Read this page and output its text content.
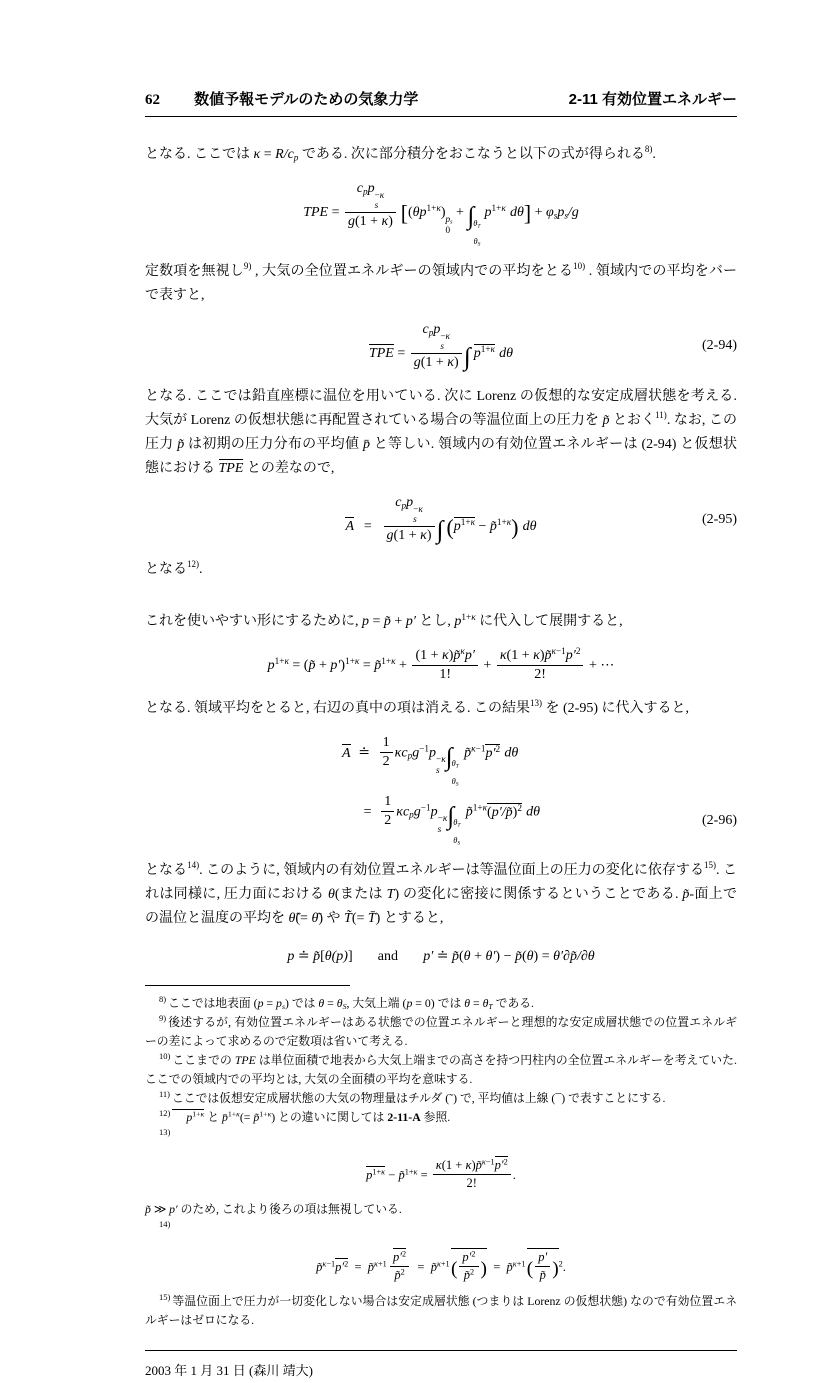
62 数値予報モデルのための気象力学	2-11 有効位置エネルギー

となる. ここでは κ = R/cp である. 次に部分積分をおこなうと以下の式が得られる$^{8)}$.

TPE =
cpp −κ
s
g(1 + κ) [$(\theta p^{1+\kappa})$ ps
0
+ ∫ θT
θS
$p^{1+\kappa}$ dθ] + φsps/g

定数項を無視し$^{9)}$ , 大気の全位置エネルギーの領域内での平均をとる$^{10)}$ . 領域内での平均をバーで表すと,

TPE =
cpp −κ
s
g(1 + κ) ∫ $p^{1+\kappa}$ dθ
(2-94)

となる. ここでは鉛直座標に温位を用いている. 次に Lorenz の仮想的な安定成層状態を考える. 大気が Lorenz の仮想状態に再配置されている場合の等温位面上の圧力を p̃ とおく$^{11)}$. なお, この圧力 p̃ は初期の圧力分布の平均値 p̄ と等しい. 領域内の有効位置エネルギーは (2-94) と仮想状態における TPE との差なので,

A =
cpp −κ
s
g(1 + κ) ∫ ($p^{1+\kappa}$ − p̃$^{1+\kappa}$) dθ
(2-95)

となる$^{12)}$.

これを使いやすい形にするために, p = p̃ + p′ とし, $p^{1+\kappa}$ に代入して展開すると,

$p^{1+\kappa}$ = (p̃ + p′)$^{1+\kappa}$ = p̃$^{1+\kappa}$ + $\frac{(1 + \kappa)p̃^\kappa p'}{1!} + \frac{\kappa(1 + \kappa)p̃^{\kappa-1}p'^2}{2!}$ + ⋯

となる. 領域平均をとると, 右辺の真中の項は消える. この結果$^{13)}$ を (2-95) に代入すると,

A ≐ $\frac{1}{2} \kappa cpg^{-1}p -\kappa$
s ∫ θT
θS
$p̃^{\kappa-1}p'^2$ dθ
= $\frac{1}{2} \kappa cpg^{-1}p -\kappa$
s ∫ θT
θS
p̃$^{1+\kappa}$(p′/p̃)$^2$ dθ
(2-96)

となる$^{14)}$. このように, 領域内の有効位置エネルギーは等温位面上の圧力の変化に依存する$^{15)}$. これは同様に, 圧力面における θ(または T) の変化に密接に関係するということである. p̃-面上での温位と温度の平均を θ̃(= θ̄) や T̃(= T̄) とすると,

p ≐ p̃[θ(p)] and p′ ≐ p̃(θ + θ′) − p̃(θ) = θ′∂p̃/∂θ
$^{8)}$ ここでは地表面 (p = ps) では θ = θS, 大気上端 (p = 0) では θ = θT である.
$^{9)}$ 後述するが, 有効位置エネルギーはある状態での位置エネルギーと理想的な安定成層状態での位置エネルギーの差によって求めるので定数項は省いて考える.
$^{10)}$ ここまでの TPE は単位面積で地表から大気上端までの高さを持つ円柱内の全位置エネルギーを考えていた. ここでの領域内での平均とは, 大気の全面積の平均を意味する.
$^{11)}$ ここでは仮想安定成層状態の大気の物理量はチルダ (˜) で, 平均値は上線 (¯) で表すことにする.
$^{12)}$ $p^{1+\kappa}$ と p̄$^{1+\kappa}$(= p̃$^{1+\kappa}$) との違いに関しては 2-11-A 参照.
$^{13)}$
$p^{1+\kappa}$ − p̃$^{1+\kappa}$ = $\frac{\kappa(1 + \kappa)p̃^{\kappa-1}p'^2}{2!}$ .
p̃ ≫ p′ のため, これより後ろの項は無視している.
$^{14)}$
$p̃^{\kappa-1}p'^2$ = p̃$^{\kappa+1}$ $\frac{p'^2}{p̃^2}$ = p̃$^{\kappa+1}$( $\frac{p'^2}{p̃^2}$ ) = p̃$^{\kappa+1}$( $\frac{p'}{p̃} )^2$.
$^{15)}$ 等温位面上で圧力が一切変化しない場合は安定成層状態 (つまりは Lorenz の仮想状態) なので有効位置エネルギーはゼロになる.
2003 年 1 月 31 日 (森川 靖大)
